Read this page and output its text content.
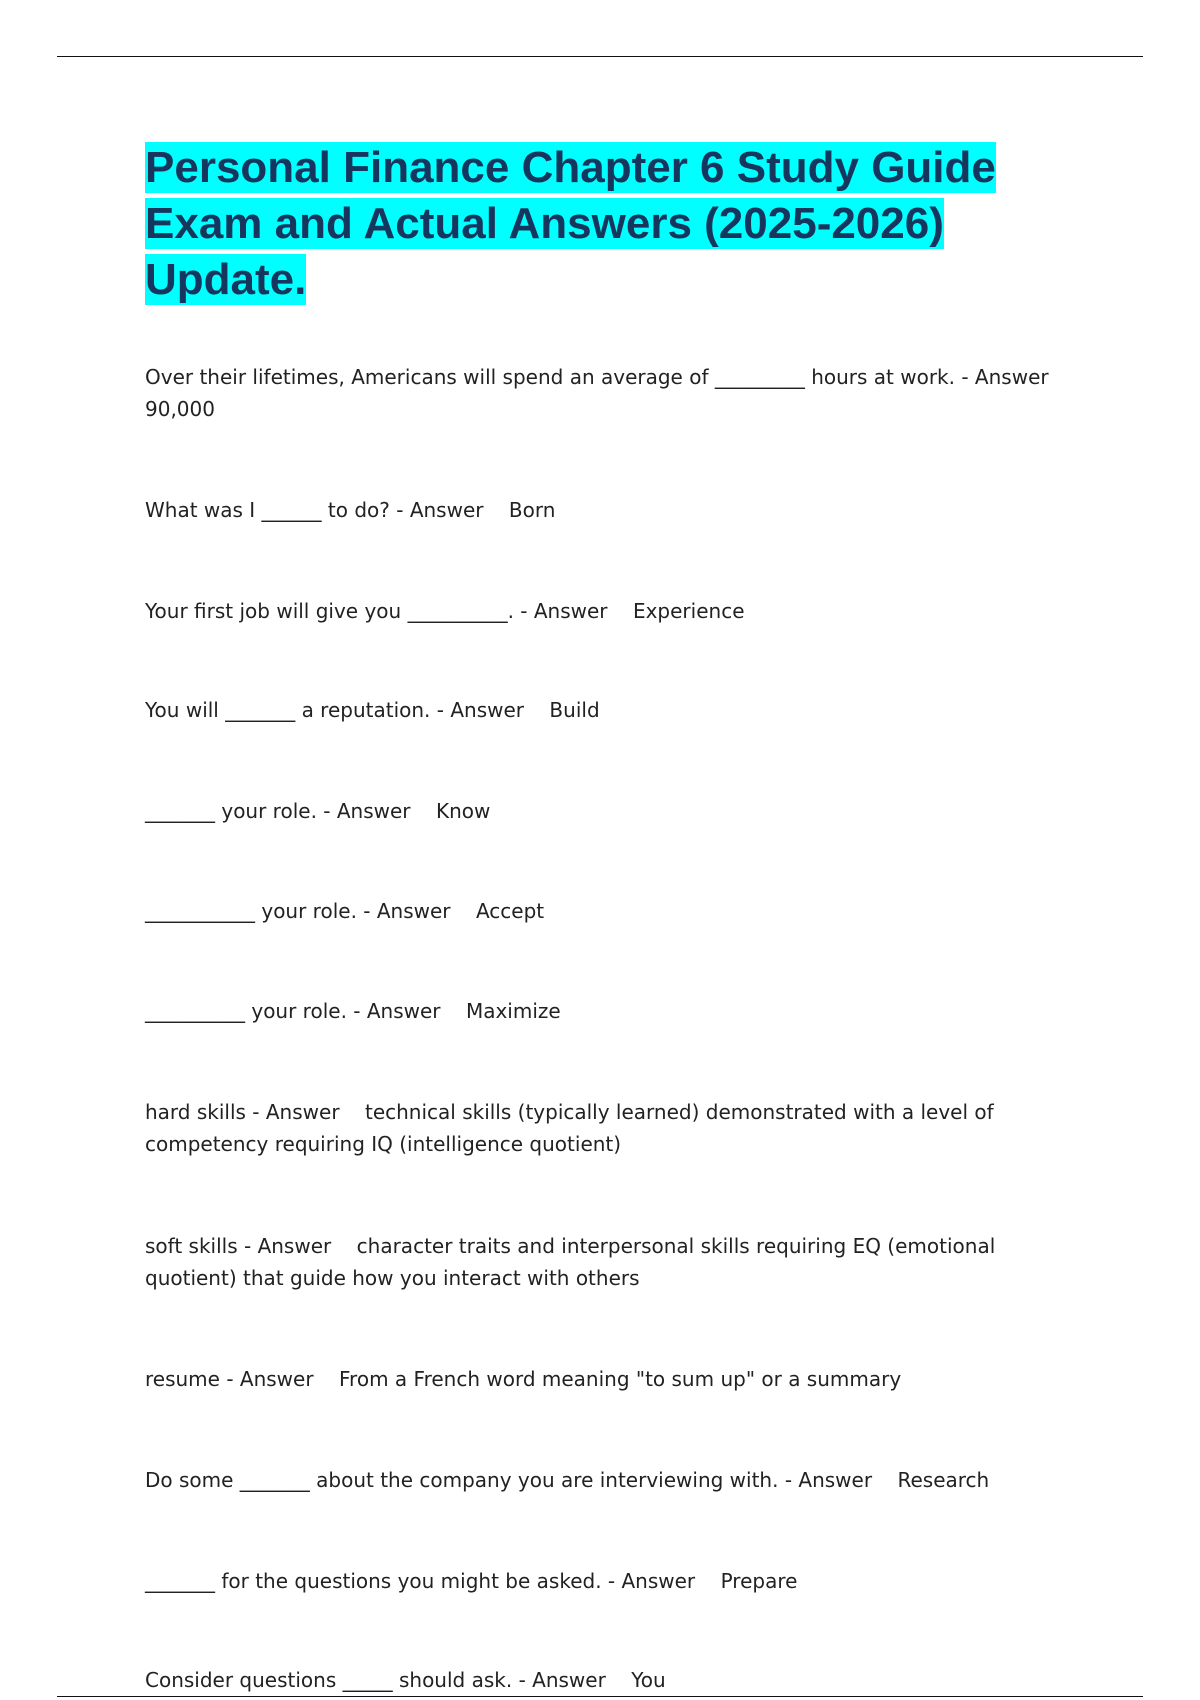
Personal Finance Chapter 6 Study Guide Exam and Actual Answers (2025-2026) Update.

Over their lifetimes, Americans will spend an average of _________ hours at work. - Answer 90,000

What was I ______ to do? - Answer    Born

Your first job will give you __________. - Answer    Experience

You will _______ a reputation. - Answer    Build

_______ your role. - Answer    Know

___________ your role. - Answer    Accept

__________ your role. - Answer    Maximize

hard skills - Answer    technical skills (typically learned) demonstrated with a level of competency requiring IQ (intelligence quotient)

soft skills - Answer    character traits and interpersonal skills requiring EQ (emotional quotient) that guide how you interact with others

resume - Answer    From a French word meaning "to sum up" or a summary

Do some _______ about the company you are interviewing with. - Answer    Research

_______ for the questions you might be asked. - Answer    Prepare

Consider questions _____ should ask. - Answer    You
